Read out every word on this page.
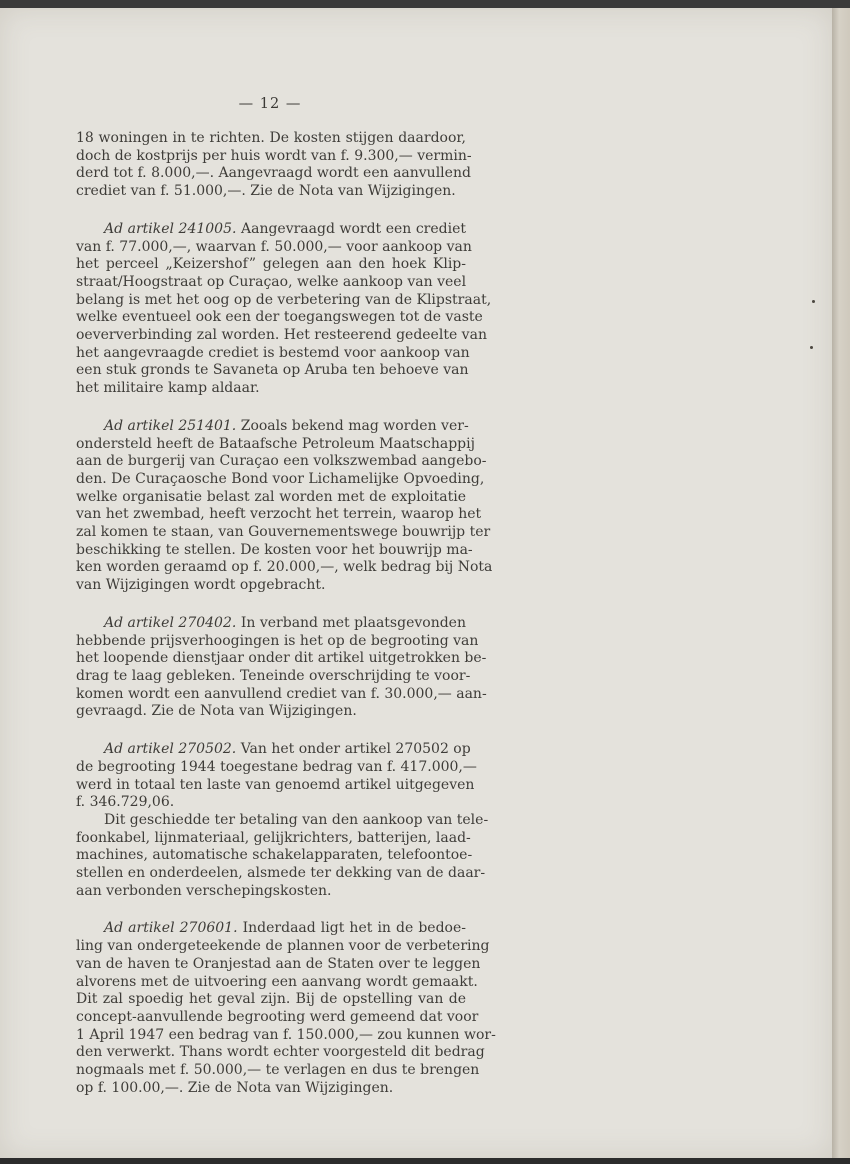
— 12 —
18 woningen in te richten. De kosten stijgen daardoor,
doch de kostprijs per huis wordt van f. 9.300,— vermin-
derd tot f. 8.000,—. Aangevraagd wordt een aanvullend
crediet van f. 51.000,—. Zie de Nota van Wijzigingen.
Ad artikel 241005. Aangevraagd wordt een crediet
van f. 77.000,—, waarvan f. 50.000,— voor aankoop van
het perceel „Keizershof” gelegen aan den hoek Klip-
straat/Hoogstraat op Curaçao, welke aankoop van veel
belang is met het oog op de verbetering van de Klipstraat,
welke eventueel ook een der toegangswegen tot de vaste
oeververbinding zal worden. Het resteerend gedeelte van
het aangevraagde crediet is bestemd voor aankoop van
een stuk gronds te Savaneta op Aruba ten behoeve van
het militaire kamp aldaar.
Ad artikel 251401. Zooals bekend mag worden ver-
ondersteld heeft de Bataafsche Petroleum Maatschappij
aan de burgerij van Curaçao een volkszwembad aangebo-
den. De Curaçaosche Bond voor Lichamelijke Opvoeding,
welke organisatie belast zal worden met de exploitatie
van het zwembad, heeft verzocht het terrein, waarop het
zal komen te staan, van Gouvernementswege bouwrijp ter
beschikking te stellen. De kosten voor het bouwrijp ma-
ken worden geraamd op f. 20.000,—, welk bedrag bij Nota
van Wijzigingen wordt opgebracht.
Ad artikel 270402. In verband met plaatsgevonden
hebbende prijsverhoogingen is het op de begrooting van
het loopende dienstjaar onder dit artikel uitgetrokken be-
drag te laag gebleken. Teneinde overschrijding te voor-
komen wordt een aanvullend crediet van f. 30.000,— aan-
gevraagd. Zie de Nota van Wijzigingen.
Ad artikel 270502. Van het onder artikel 270502 op
de begrooting 1944 toegestane bedrag van f. 417.000,—
werd in totaal ten laste van genoemd artikel uitgegeven
f. 346.729,06.
Dit geschiedde ter betaling van den aankoop van tele-
foonkabel, lijnmateriaal, gelijkrichters, batterijen, laad-
machines, automatische schakelapparaten, telefoontoe-
stellen en onderdeelen, alsmede ter dekking van de daar-
aan verbonden verschepingskosten.
Ad artikel 270601. Inderdaad ligt het in de bedoe-
ling van ondergeteekende de plannen voor de verbetering
van de haven te Oranjestad aan de Staten over te leggen
alvorens met de uitvoering een aanvang wordt gemaakt.
Dit zal spoedig het geval zijn. Bij de opstelling van de
concept-aanvullende begrooting werd gemeend dat voor
1 April 1947 een bedrag van f. 150.000,— zou kunnen wor-
den verwerkt. Thans wordt echter voorgesteld dit bedrag
nogmaals met f. 50.000,— te verlagen en dus te brengen
op f. 100.00,—. Zie de Nota van Wijzigingen.
